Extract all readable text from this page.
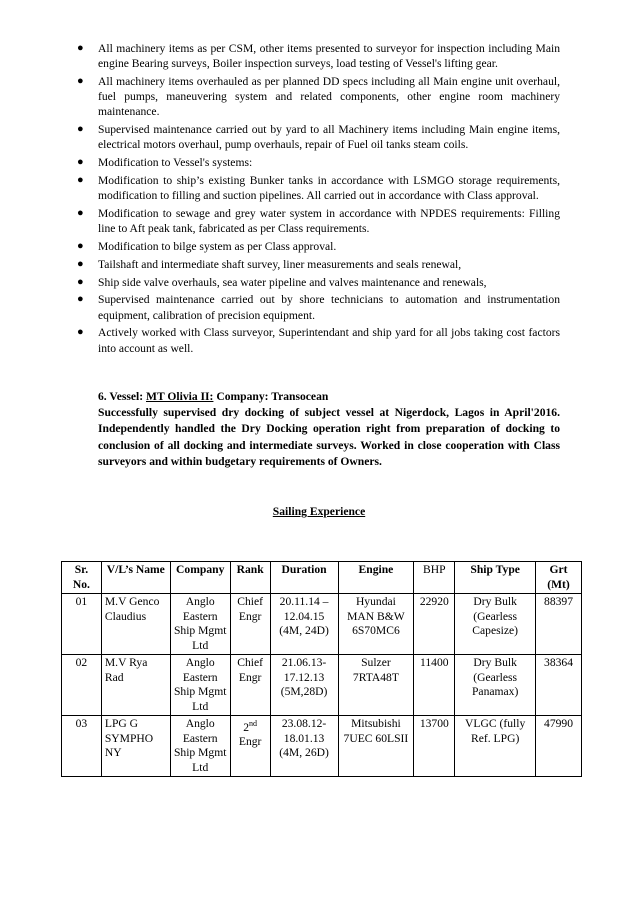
● All machinery items as per CSM, other items presented to surveyor for inspection including Main engine Bearing surveys, Boiler inspection surveys, load testing of Vessel's lifting gear.
● All machinery items overhauled as per planned DD specs including all Main engine unit overhaul, fuel pumps, maneuvering system and related components, other engine room machinery maintenance.
● Supervised maintenance carried out by yard to all Machinery items including Main engine items, electrical motors overhaul, pump overhauls, repair of Fuel oil tanks steam coils.
● Modification to Vessel's systems:
● Modification to ship’s existing Bunker tanks in accordance with LSMGO storage requirements, modification to filling and suction pipelines. All carried out in accordance with Class approval.
● Modification to sewage and grey water system in accordance with NPDES requirements: Filling line to Aft peak tank, fabricated as per Class requirements.
● Modification to bilge system as per Class approval.
● Tailshaft and intermediate shaft survey, liner measurements and seals renewal,
● Ship side valve overhauls, sea water pipeline and valves maintenance and renewals,
● Supervised maintenance carried out by shore technicians to automation and instrumentation equipment, calibration of precision equipment.
● Actively worked with Class surveyor, Superintendant and ship yard for all jobs taking cost factors into account as well.
6. Vessel: MT Olivia II: Company: Transocean
Successfully supervised dry docking of subject vessel at Nigerdock, Lagos in April'2016. Independently handled the Dry Docking operation right from preparation of docking to conclusion of all docking and intermediate surveys. Worked in close cooperation with Class surveyors and within budgetary requirements of Owners.
Sailing Experience
Sr. No.	V/L’s Name	Company	Rank	Duration	Engine	BHP	Ship Type	Grt (Mt)
01	M.V Genco Claudius	Anglo Eastern Ship Mgmt Ltd	Chief Engr	20.11.14 – 12.04.15 (4M, 24D)	Hyundai MAN B&W 6S70MC6	22920	Dry Bulk (Gearless Capesize)	88397
02	M.V Rya Rad	Anglo Eastern Ship Mgmt Ltd	Chief Engr	21.06.13- 17.12.13 (5M,28D)	Sulzer 7RTA48T	11400	Dry Bulk (Gearless Panamax)	38364
03	LPG G SYMPHO NY	Anglo Eastern Ship Mgmt Ltd	2nd Engr	23.08.12- 18.01.13 (4M, 26D)	Mitsubishi 7UEC 60LSII	13700	VLGC (fully Ref. LPG)	47990
